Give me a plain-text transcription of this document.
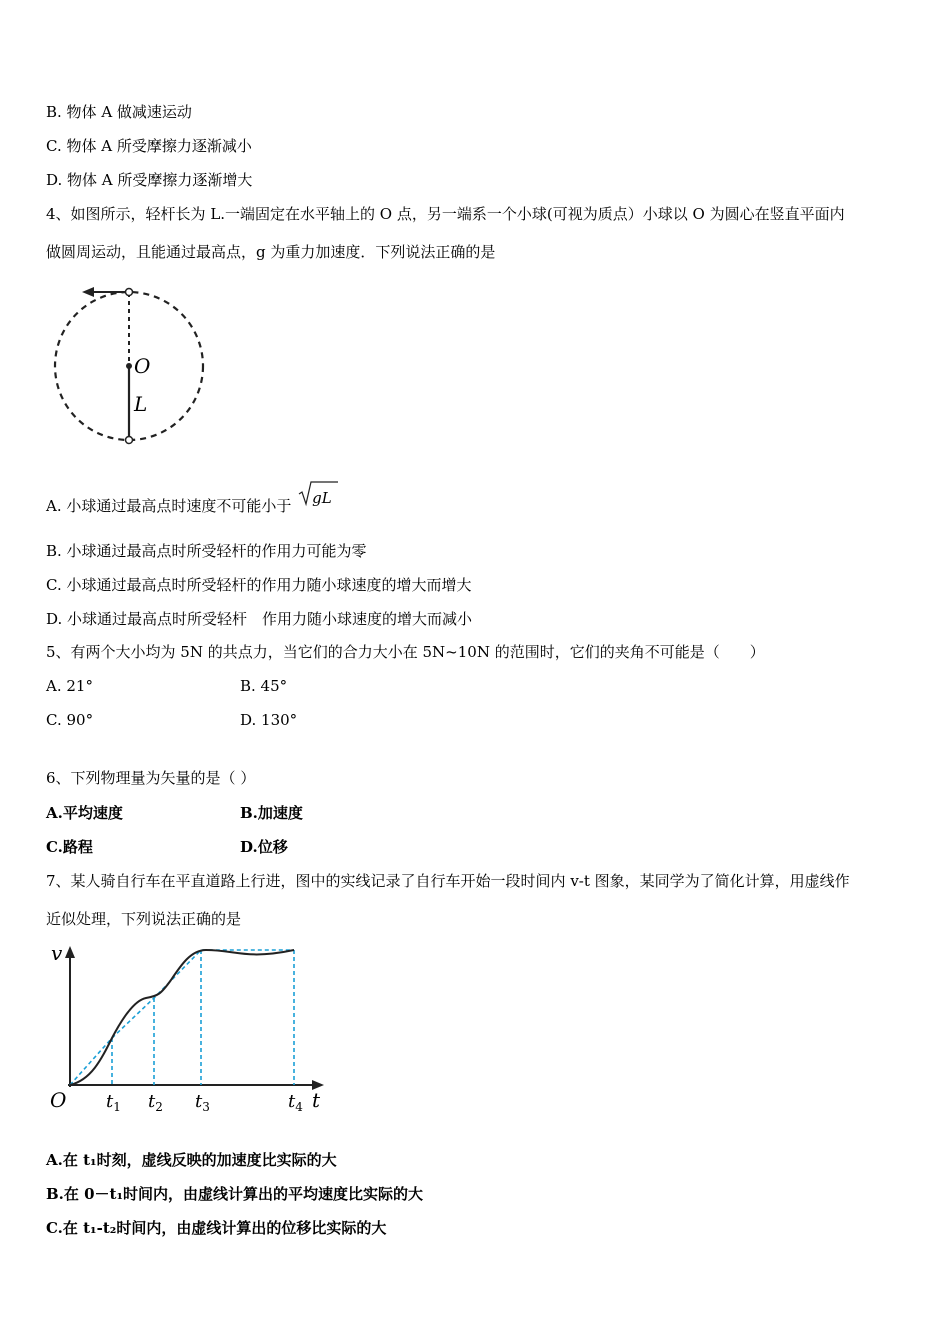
B. 物体 A 做减速运动
C. 物体 A 所受摩擦力逐渐减小
D. 物体 A 所受摩擦力逐渐增大
4、如图所示，轻杆长为 L.一端固定在水平轴上的 O 点，另一端系一个小球(可视为质点）小球以 O 为圆心在竖直平面内
做圆周运动，且能通过最高点，g 为重力加速度．下列说法正确的是
O
L
A. 小球通过最高点时速度不可能小于 gL
B. 小球通过最高点时所受轻杆的作用力可能为零
C. 小球通过最高点时所受轻杆的作用力随小球速度的增大而增大
D. 小球通过最高点时所受轻杆　作用力随小球速度的增大而减小
5、有两个大小均为 5N 的共点力，当它们的合力大小在 5N~10N 的范围时，它们的夹角不可能是（　　）
A. 21°	B. 45°
C. 90°	D. 130°
6、下列物理量为矢量的是（ ）
A.平均速度	B.加速度
C.路程	D.位移
7、某人骑自行车在平直道路上行进，图中的实线记录了自行车开始一段时间内 v-t 图象，某同学为了简化计算，用虚线作
近似处理，下列说法正确的是
v
t
O $t_1$ $t_2$ $t_3$	$t_4$
A.在 t₁时刻，虚线反映的加速度比实际的大
B.在 0－t₁时间内，由虚线计算出的平均速度比实际的大
C.在 t₁-t₂时间内，由虚线计算出的位移比实际的大
